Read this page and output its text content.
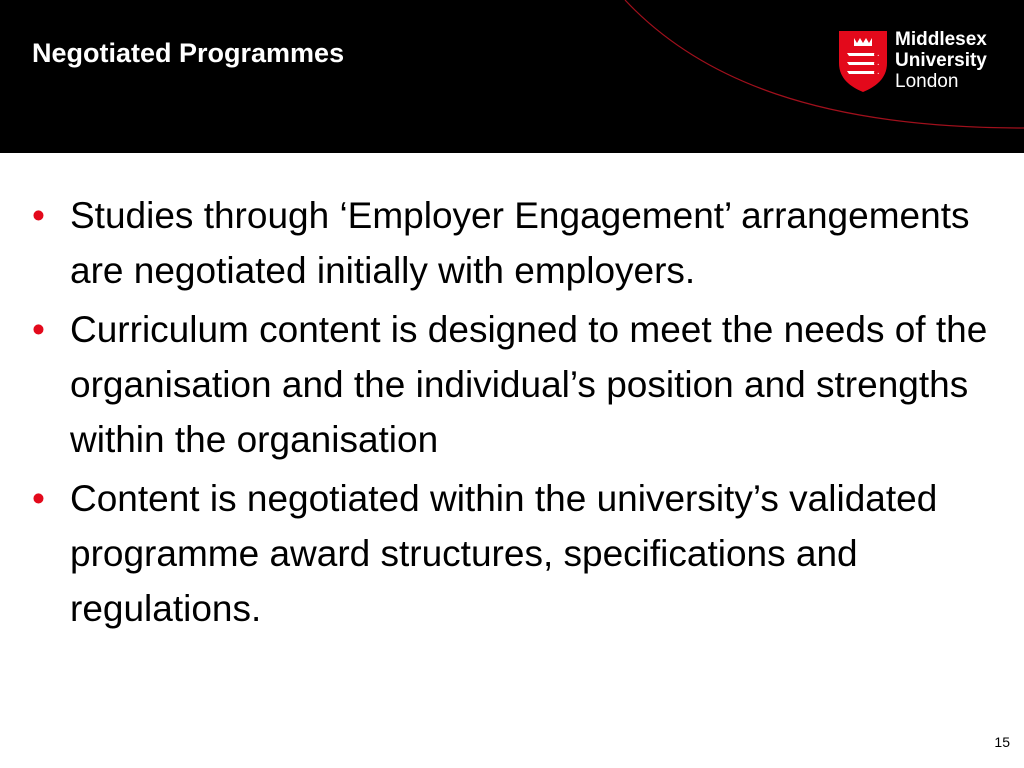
Negotiated Programmes	Middlesex
University
London
• Studies through ‘Employer Engagement’ arrangements are negotiated initially with employers.
• Curriculum content is designed to meet the needs of the organisation and the individual’s position and strengths within the organisation
• Content is negotiated within the university’s validated programme award structures, specifications and regulations.
15
